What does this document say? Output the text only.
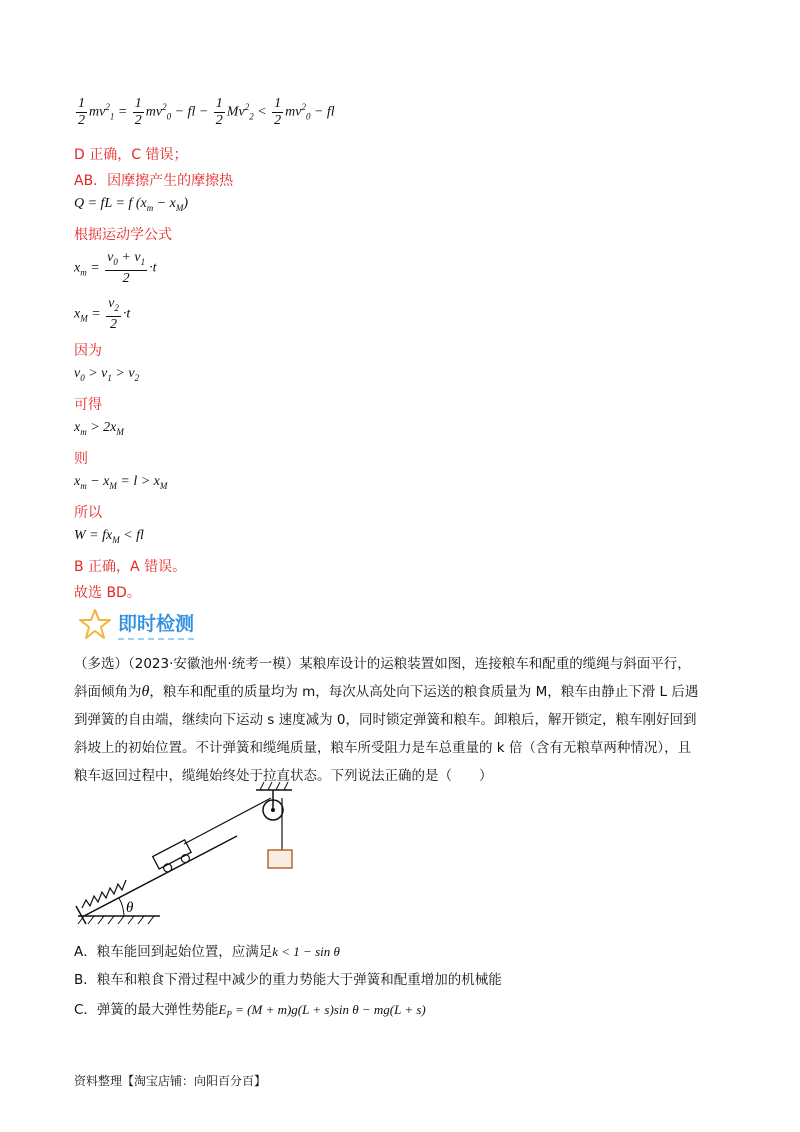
$\frac{1}{2} mv^2_1 = \frac{1}{2} mv^2_0$ − fl − $\frac{1}{2} Mv^2_2 < \frac{1}{2} mv^2_0$ − fl
D 正确，C 错误；
AB．因摩擦产生的摩擦热
Q = fL = f $(x_m - x_M)$
根据运动学公式
$x_m = \frac{v_0 + v_1}{2} \cdot t$
$x_M = \frac{v_2}{2} \cdot t$
因为
$v_0 > v_1 > v_2$
可得
$x_m > 2x_M$
则
$x_m - x_M = l > x_M$
所以
$W = fx_M$ < fl
B 正确，A 错误。
故选 BD。
即时检测
（多选）（2023·安徽池州·统考一模）某粮库设计的运粮装置如图，连接粮车和配重的缆绳与斜面平行，
斜面倾角为θ，粮车和配重的质量均为 m，每次从高处向下运送的粮食质量为 M，粮车由静止下滑 L 后遇
到弹簧的自由端，继续向下运动 s 速度减为 0，同时锁定弹簧和粮车。卸粮后，解开锁定，粮车刚好回到
斜坡上的初始位置。不计弹簧和缆绳质量，粮车所受阻力是车总重量的 k 倍（含有无粮草两种情况），且
粮车返回过程中，缆绳始终处于拉直状态。下列说法正确的是（　　）
θ
A．粮车能回到起始位置，应满足k < 1 − sin θ
B．粮车和粮食下滑过程中减少的重力势能大于弹簧和配重增加的机械能
C．弹簧的最大弹性势能$E_P = (M + m)g(L + s)\sin$ θ − mg(L + s)
资料整理【淘宝店铺：向阳百分百】
